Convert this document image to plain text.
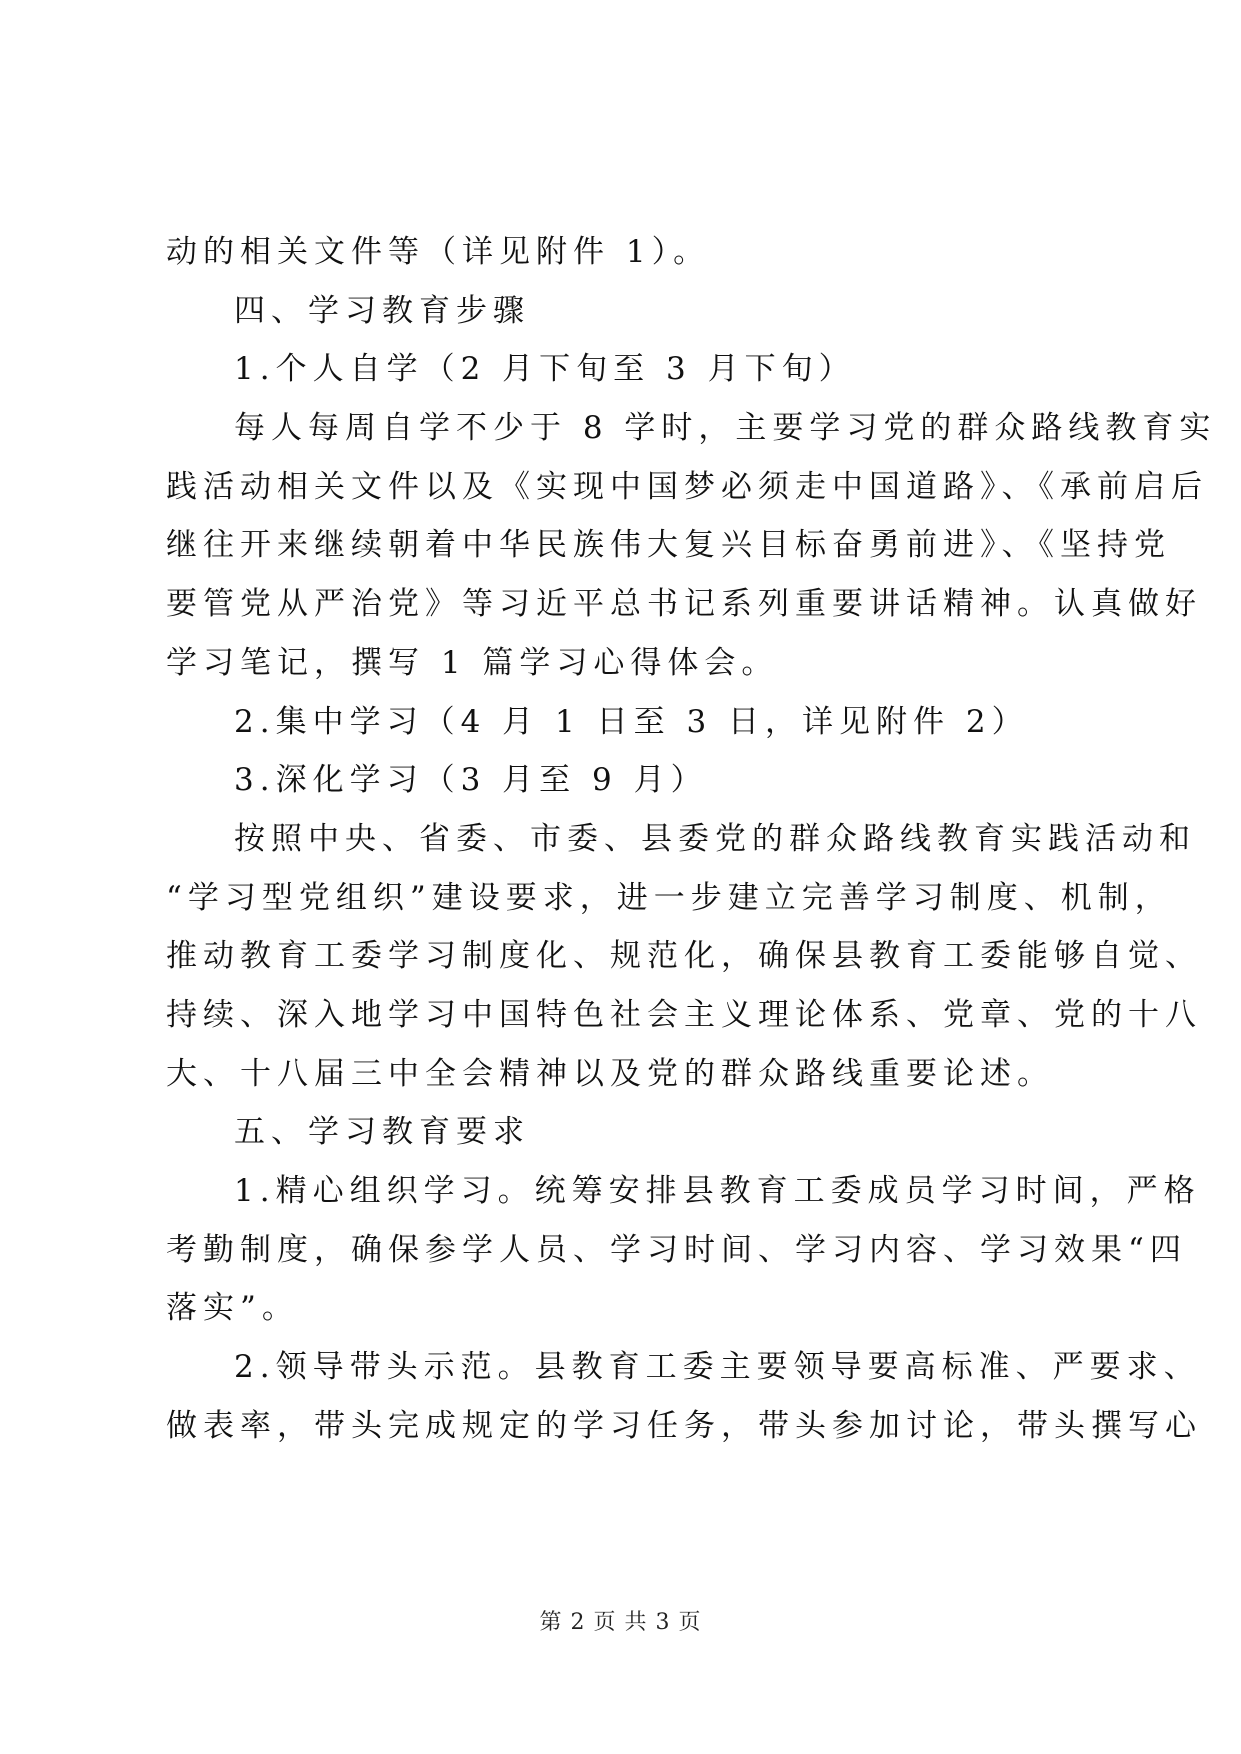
动的相关文件等（详见附件 1）。
四、学习教育步骤
1.个人自学（2 月下旬至 3 月下旬）
每人每周自学不少于 8 学时，主要学习党的群众路线教育实
践活动相关文件以及《实现中国梦必须走中国道路》、《承前启后
继往开来继续朝着中华民族伟大复兴目标奋勇前进》、《坚持党
要管党从严治党》等习近平总书记系列重要讲话精神。认真做好
学习笔记，撰写 1 篇学习心得体会。
2.集中学习（4 月 1 日至 3 日，详见附件 2）
3.深化学习（3 月至 9 月）
按照中央、省委、市委、县委党的群众路线教育实践活动和
“学习型党组织”建设要求，进一步建立完善学习制度、机制，
推动教育工委学习制度化、规范化，确保县教育工委能够自觉、
持续、深入地学习中国特色社会主义理论体系、党章、党的十八
大、十八届三中全会精神以及党的群众路线重要论述。
五、学习教育要求
1.精心组织学习。统筹安排县教育工委成员学习时间，严格
考勤制度，确保参学人员、学习时间、学习内容、学习效果“四
落实”。
2.领导带头示范。县教育工委主要领导要高标准、严要求、
做表率，带头完成规定的学习任务，带头参加讨论，带头撰写心
第 2 页 共 3 页
